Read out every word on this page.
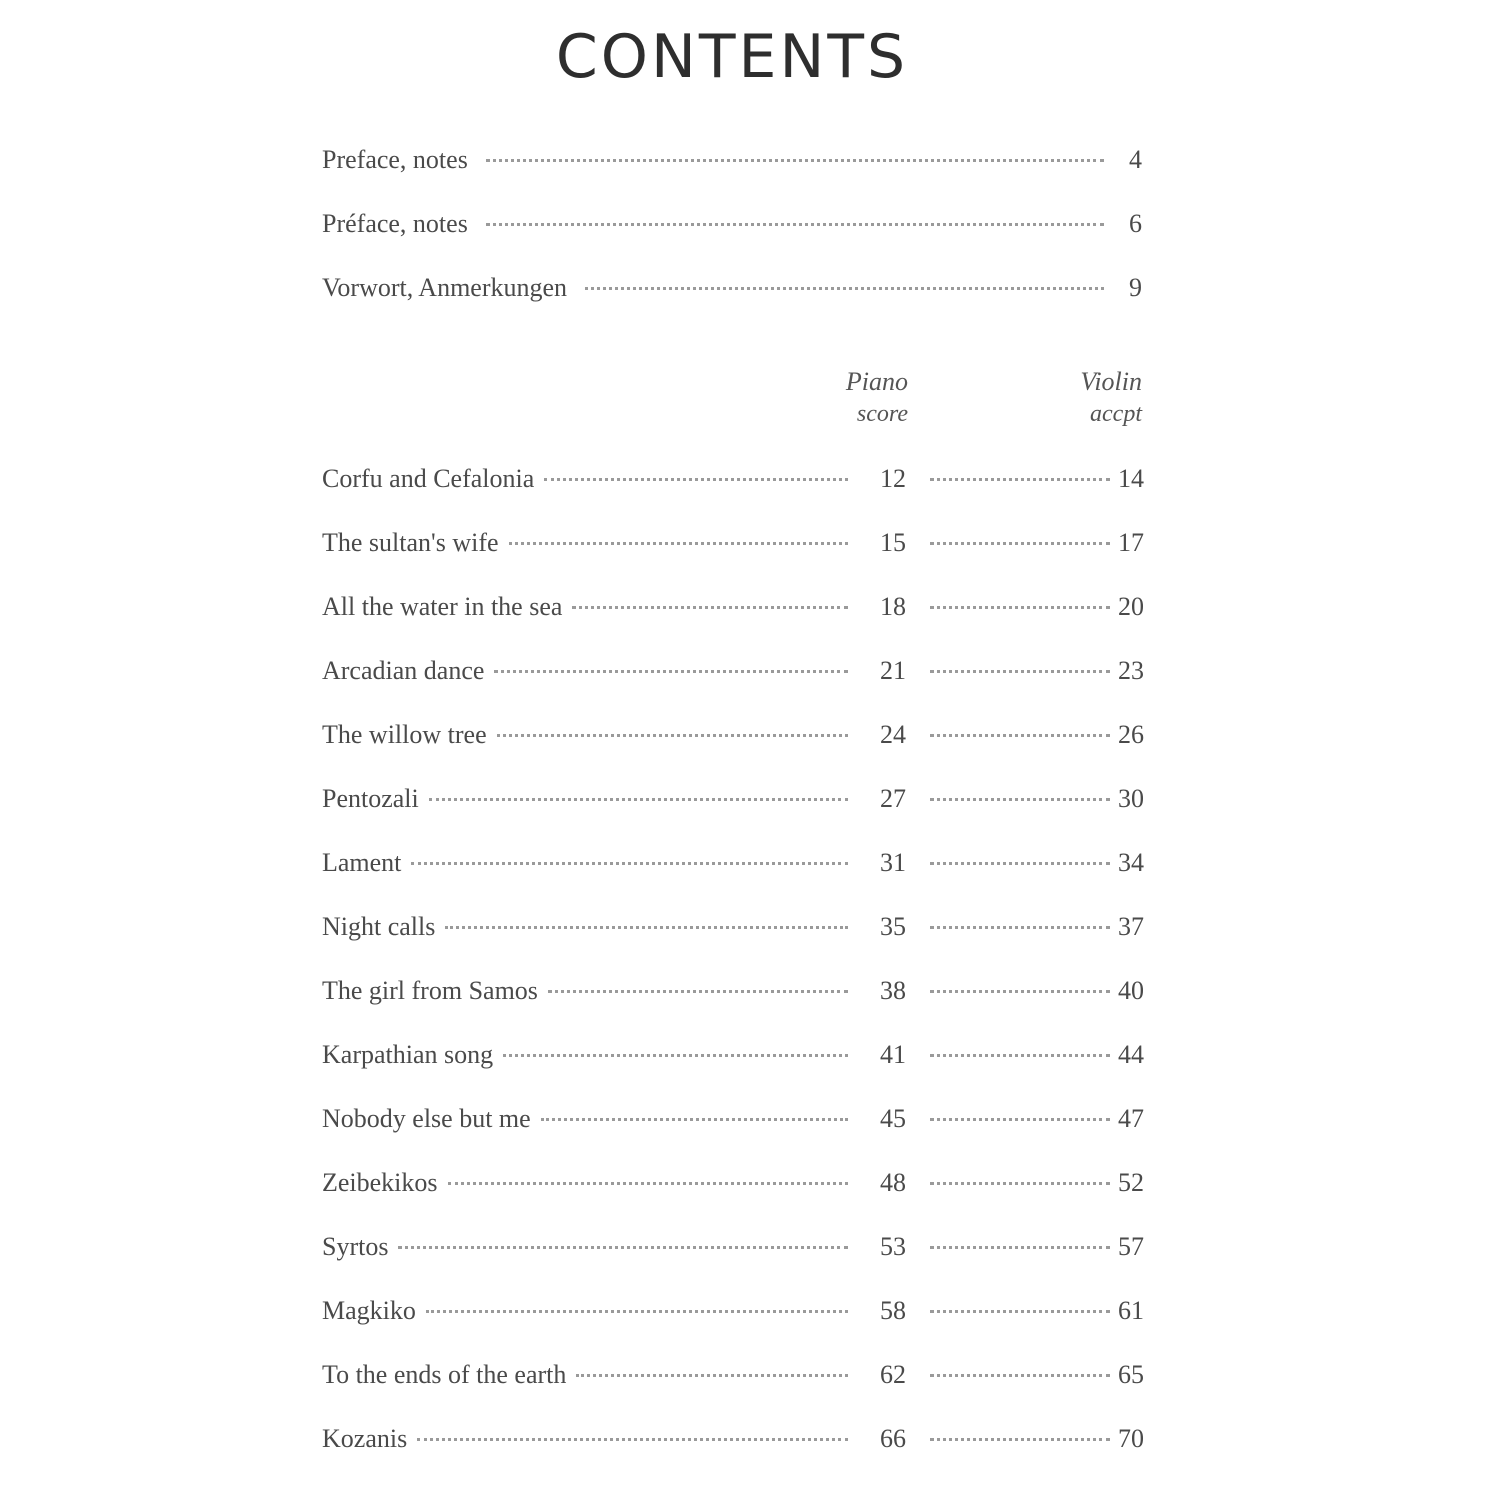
CONTENTS
Preface, notes	4
Préface, notes	6
Vorwort, Anmerkungen	9
Piano
score
Violin
accpt
Corfu and Cefalonia	12	14
The sultan's wife	15	17
All the water in the sea	18	20
Arcadian dance	21	23
The willow tree	24	26
Pentozali	27	30
Lament	31	34
Night calls	35	37
The girl from Samos	38	40
Karpathian song	41	44
Nobody else but me	45	47
Zeibekikos	48	52
Syrtos	53	57
Magkiko	58	61
To the ends of the earth	62	65
Kozanis	66	70
